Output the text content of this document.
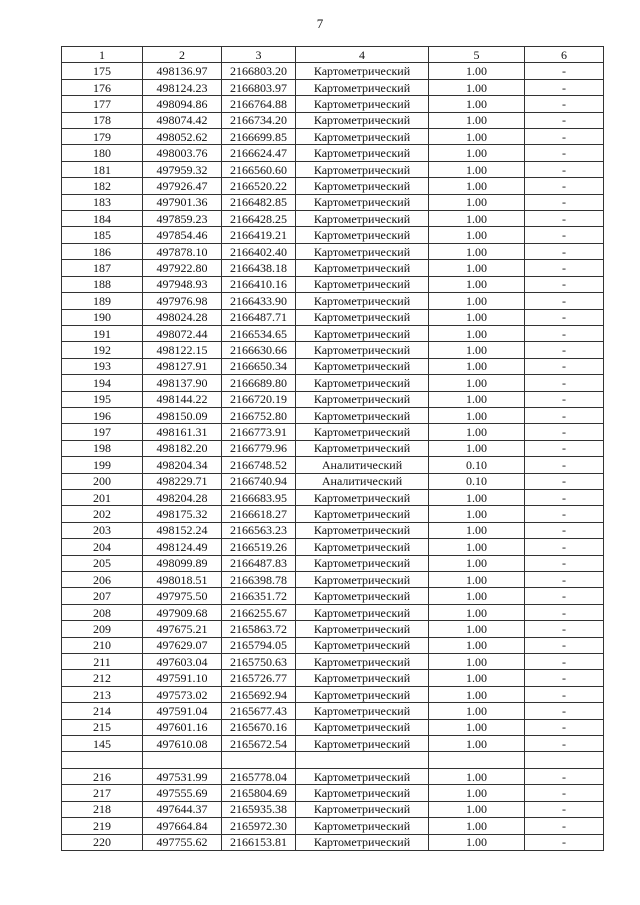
7
1	2	3	4	5	6
175	498136.97	2166803.20	Картометрический	1.00	-
176	498124.23	2166803.97	Картометрический	1.00	-
177	498094.86	2166764.88	Картометрический	1.00	-
178	498074.42	2166734.20	Картометрический	1.00	-
179	498052.62	2166699.85	Картометрический	1.00	-
180	498003.76	2166624.47	Картометрический	1.00	-
181	497959.32	2166560.60	Картометрический	1.00	-
182	497926.47	2166520.22	Картометрический	1.00	-
183	497901.36	2166482.85	Картометрический	1.00	-
184	497859.23	2166428.25	Картометрический	1.00	-
185	497854.46	2166419.21	Картометрический	1.00	-
186	497878.10	2166402.40	Картометрический	1.00	-
187	497922.80	2166438.18	Картометрический	1.00	-
188	497948.93	2166410.16	Картометрический	1.00	-
189	497976.98	2166433.90	Картометрический	1.00	-
190	498024.28	2166487.71	Картометрический	1.00	-
191	498072.44	2166534.65	Картометрический	1.00	-
192	498122.15	2166630.66	Картометрический	1.00	-
193	498127.91	2166650.34	Картометрический	1.00	-
194	498137.90	2166689.80	Картометрический	1.00	-
195	498144.22	2166720.19	Картометрический	1.00	-
196	498150.09	2166752.80	Картометрический	1.00	-
197	498161.31	2166773.91	Картометрический	1.00	-
198	498182.20	2166779.96	Картометрический	1.00	-
199	498204.34	2166748.52	Аналитический	0.10	-
200	498229.71	2166740.94	Аналитический	0.10	-
201	498204.28	2166683.95	Картометрический	1.00	-
202	498175.32	2166618.27	Картометрический	1.00	-
203	498152.24	2166563.23	Картометрический	1.00	-
204	498124.49	2166519.26	Картометрический	1.00	-
205	498099.89	2166487.83	Картометрический	1.00	-
206	498018.51	2166398.78	Картометрический	1.00	-
207	497975.50	2166351.72	Картометрический	1.00	-
208	497909.68	2166255.67	Картометрический	1.00	-
209	497675.21	2165863.72	Картометрический	1.00	-
210	497629.07	2165794.05	Картометрический	1.00	-
211	497603.04	2165750.63	Картометрический	1.00	-
212	497591.10	2165726.77	Картометрический	1.00	-
213	497573.02	2165692.94	Картометрический	1.00	-
214	497591.04	2165677.43	Картометрический	1.00	-
215	497601.16	2165670.16	Картометрический	1.00	-
145	497610.08	2165672.54	Картометрический	1.00	-

216	497531.99	2165778.04	Картометрический	1.00	-
217	497555.69	2165804.69	Картометрический	1.00	-
218	497644.37	2165935.38	Картометрический	1.00	-
219	497664.84	2165972.30	Картометрический	1.00	-
220	497755.62	2166153.81	Картометрический	1.00	-
